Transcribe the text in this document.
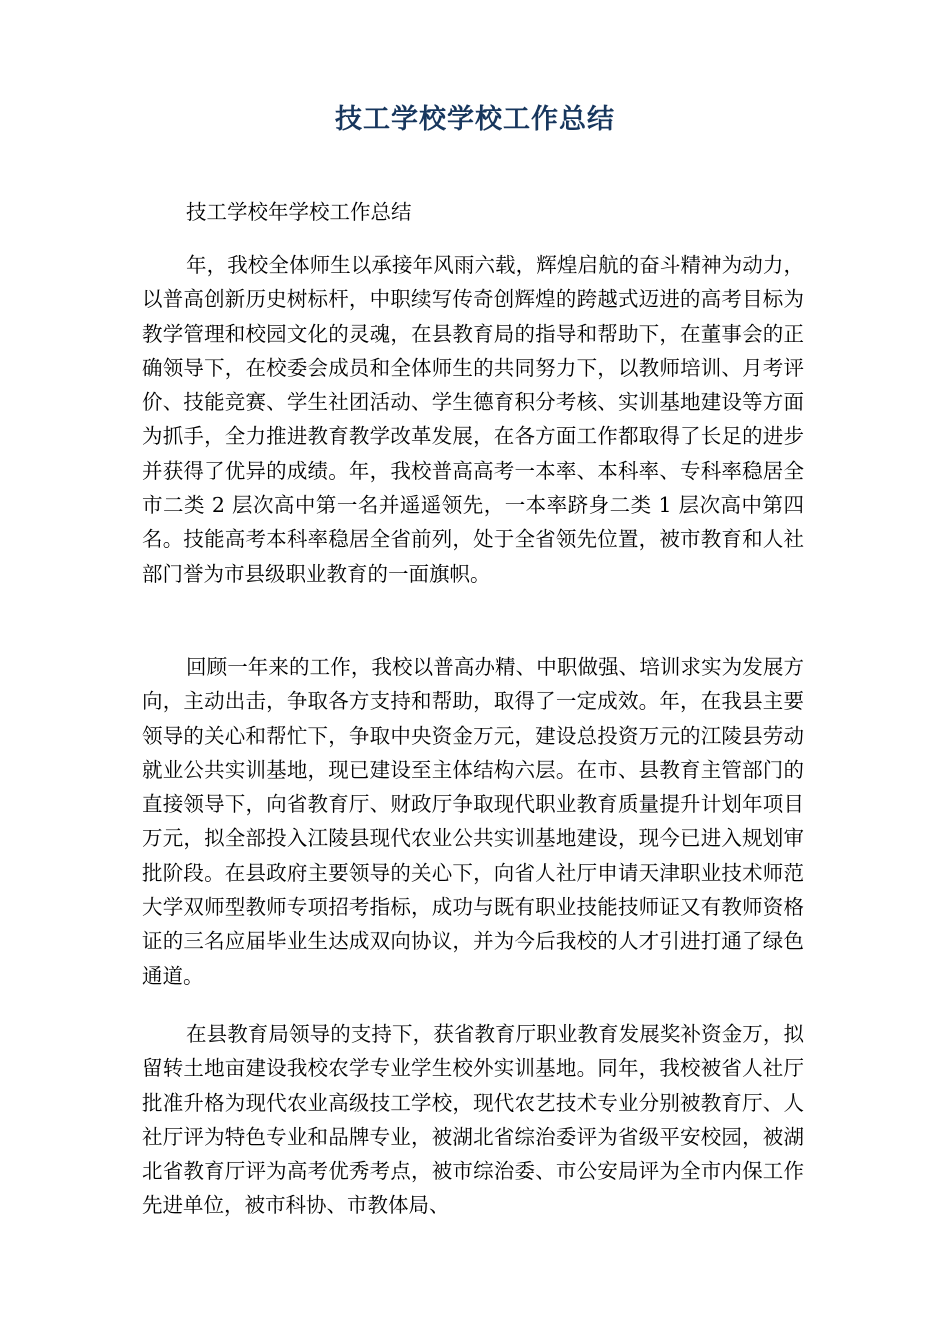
技工学校学校工作总结
技工学校年学校工作总结

年，我校全体师生以承接年风雨六载，辉煌启航的奋斗精神为动力，以普高创新历史树标杆，中职续写传奇创辉煌的跨越式迈进的高考目标为教学管理和校园文化的灵魂，在县教育局的指导和帮助下，在董事会的正确领导下，在校委会成员和全体师生的共同努力下，以教师培训、月考评价、技能竞赛、学生社团活动、学生德育积分考核、实训基地建设等方面为抓手，全力推进教育教学改革发展，在各方面工作都取得了长足的进步并获得了优异的成绩。年，我校普高高考一本率、本科率、专科率稳居全市二类 2 层次高中第一名并遥遥领先，一本率跻身二类 1 层次高中第四名。技能高考本科率稳居全省前列，处于全省领先位置，被市教育和人社部门誉为市县级职业教育的一面旗帜。

回顾一年来的工作，我校以普高办精、中职做强、培训求实为发展方向，主动出击，争取各方支持和帮助，取得了一定成效。年，在我县主要领导的关心和帮忙下，争取中央资金万元，建设总投资万元的江陵县劳动就业公共实训基地，现已建设至主体结构六层。在市、县教育主管部门的直接领导下，向省教育厅、财政厅争取现代职业教育质量提升计划年项目万元，拟全部投入江陵县现代农业公共实训基地建设，现今已进入规划审批阶段。在县政府主要领导的关心下，向省人社厅申请天津职业技术师范大学双师型教师专项招考指标，成功与既有职业技能技师证又有教师资格证的三名应届毕业生达成双向协议，并为今后我校的人才引进打通了绿色通道。

在县教育局领导的支持下，获省教育厅职业教育发展奖补资金万，拟留转土地亩建设我校农学专业学生校外实训基地。同年，我校被省人社厅批准升格为现代农业高级技工学校，现代农艺技术专业分别被教育厅、人社厅评为特色专业和品牌专业，被湖北省综治委评为省级平安校园，被湖北省教育厅评为高考优秀考点，被市综治委、市公安局评为全市内保工作先进单位，被市科协、市教体局、
